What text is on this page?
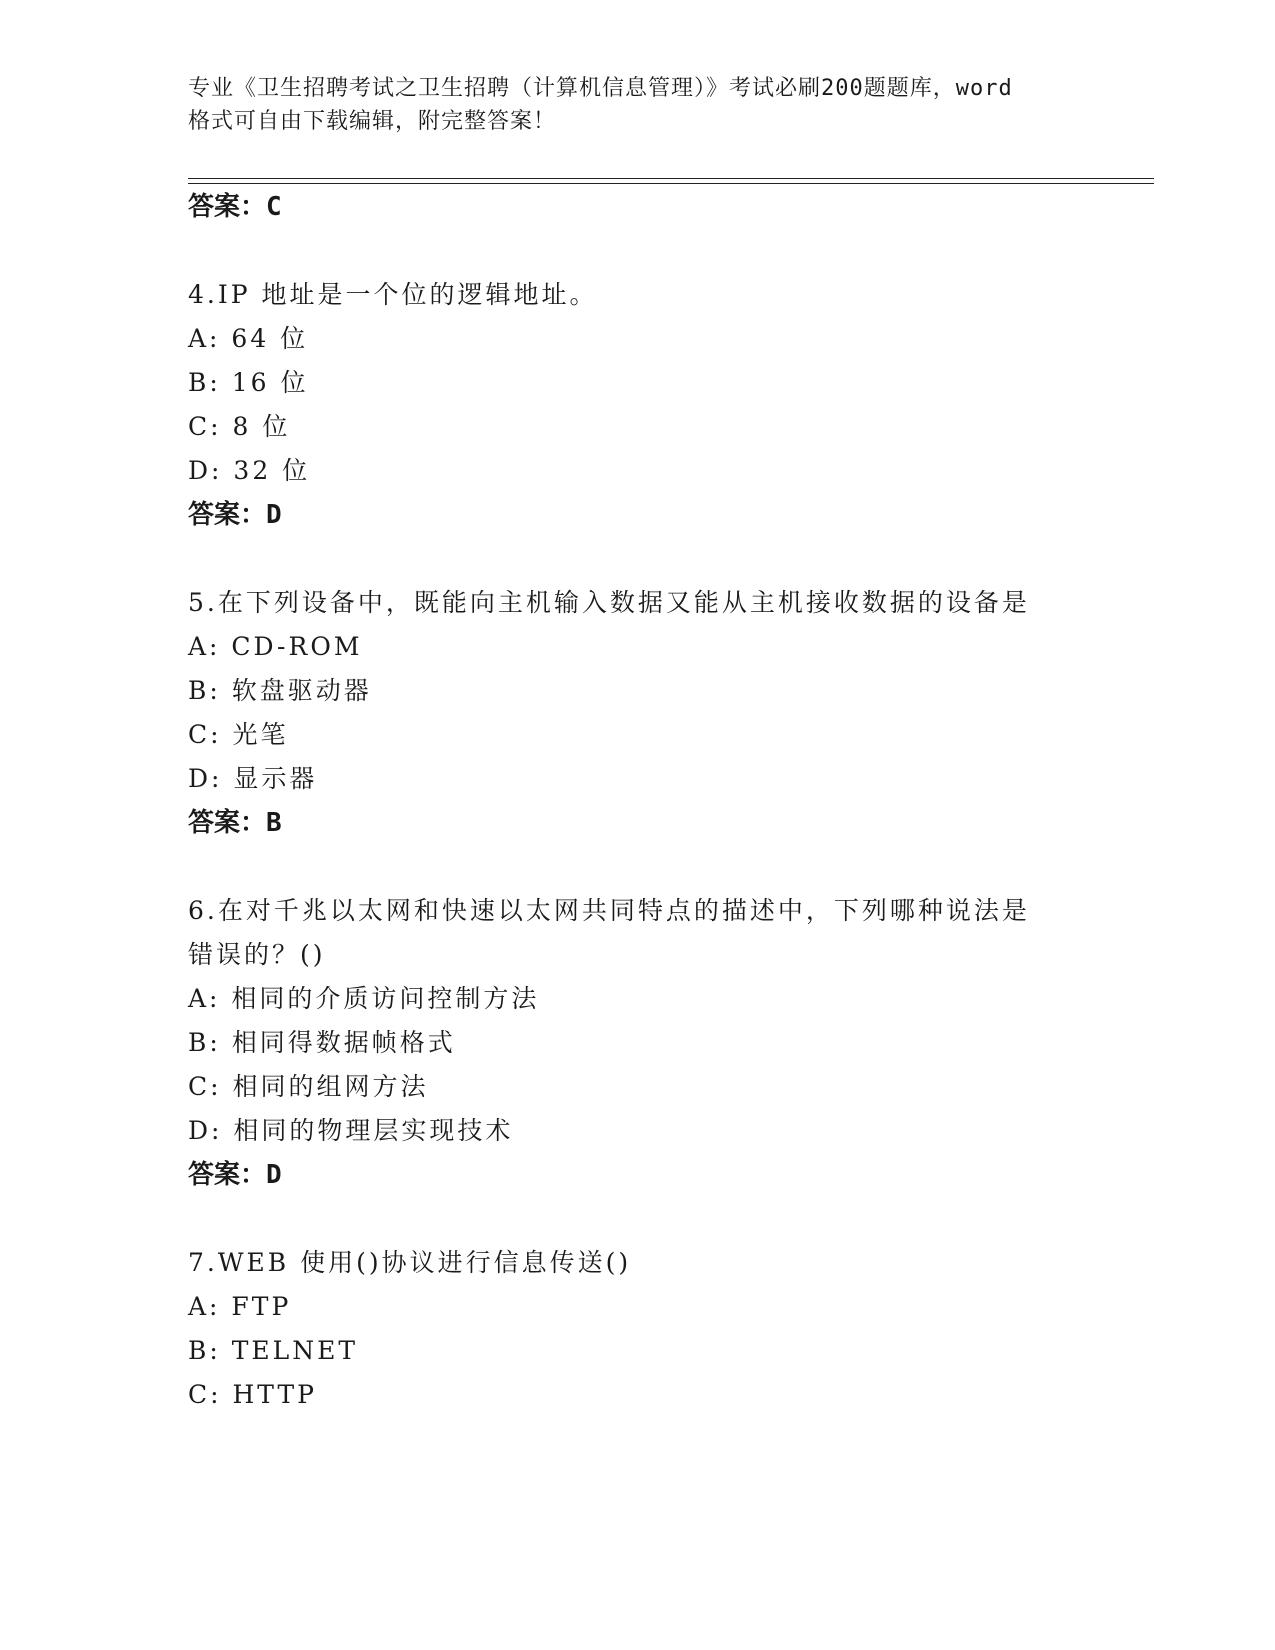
专业《卫生招聘考试之卫生招聘（计算机信息管理）》考试必刷200题题库，word
格式可自由下载编辑，附完整答案！
答案：C
4.IP 地址是一个位的逻辑地址。
A: 64 位
B: 16 位
C: 8 位
D: 32 位
答案：D
5.在下列设备中，既能向主机输入数据又能从主机接收数据的设备是
A: CD-ROM
B: 软盘驱动器
C: 光笔
D: 显示器
答案：B
6.在对千兆以太网和快速以太网共同特点的描述中，下列哪种说法是
错误的？()
A: 相同的介质访问控制方法
B: 相同得数据帧格式
C: 相同的组网方法
D: 相同的物理层实现技术
答案：D
7.WEB 使用()协议进行信息传送()
A: FTP
B: TELNET
C: HTTP
